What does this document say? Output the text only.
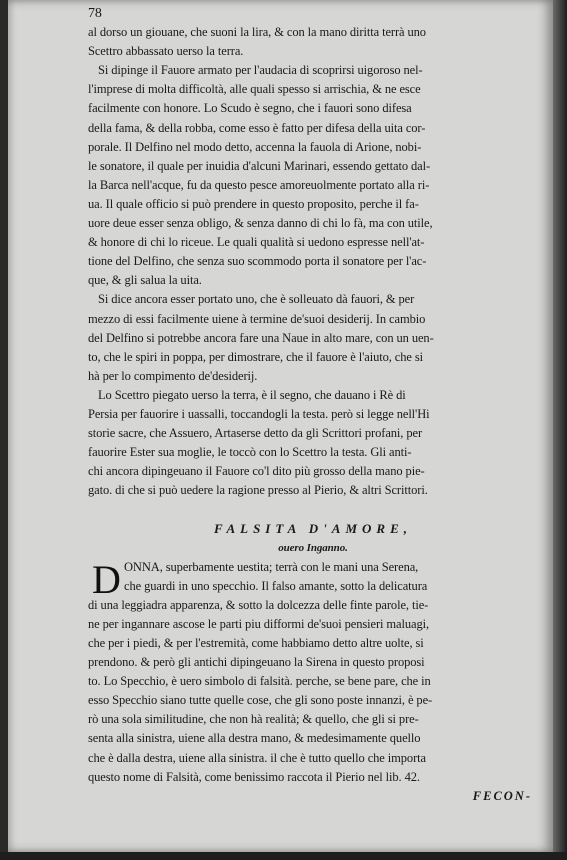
78
al dorso un giouane, che suoni la lira, & con la mano diritta terrà uno
Scettro abbassato uerso la terra.
Si dipinge il Fauore armato per l'audacia di scoprirsi uigoroso nel-
l'imprese di molta difficoltà, alle quali spesso si arrischia, & ne esce
facilmente con honore. Lo Scudo è segno, che i fauori sono difesa
della fama, & della robba, come esso è fatto per difesa della uita cor-
porale. Il Delfino nel modo detto, accenna la fauola di Arione, nobi-
le sonatore, il quale per inuidia d'alcuni Marinari, essendo gettato dal-
la Barca nell'acque, fu da questo pesce amoreuolmente portato alla ri-
ua. Il quale officio si può prendere in questo proposito, perche il fa-
uore deue esser senza obligo, & senza danno di chi lo fà, ma con utile,
& honore di chi lo riceue. Le quali qualità si uedono espresse nell'at-
tione del Delfino, che senza suo scommodo porta il sonatore per l'ac-
que, & gli salua la uita.
Si dice ancora esser portato uno, che è solleuato dà fauori, & per
mezzo di essi facilmente uiene à termine de'suoi desiderij. In cambio
del Delfino si potrebbe ancora fare una Naue in alto mare, con un uen-
to, che le spiri in poppa, per dimostrare, che il fauore è l'aiuto, che si
hà per lo compimento de'desiderij.
Lo Scettro piegato uerso la terra, è il segno, che dauano i Rè di
Persia per fauorire i uassalli, toccandogli la testa. però si legge nell'Hi
storie sacre, che Assuero, Artaserse detto da gli Scrittori profani, per
fauorire Ester sua moglie, le toccò con lo Scettro la testa. Gli anti-
chi ancora dipingeuano il Fauore co'l dito più grosso della mano pie-
gato. di che si può uedere la ragione presso al Pierio, & altri Scrittori.
FALSITA D'AMORE,
ouero Inganno.
D ONNA, superbamente uestita; terrà con le mani una Serena,
che guardi in uno specchio. Il falso amante, sotto la delicatura
di una leggiadra apparenza, & sotto la dolcezza delle finte parole, tie-
ne per ingannare ascose le parti piu difformi de'suoi pensieri maluagi,
che per i piedi, & per l'estremità, come habbiamo detto altre uolte, si
prendono. & però gli antichi dipingeuano la Sirena in questo proposi
to. Lo Specchio, è uero simbolo di falsità. perche, se bene pare, che in
esso Specchio siano tutte quelle cose, che gli sono poste innanzi, è pe-
rò una sola similitudine, che non hà realità; & quello, che gli si pre-
senta alla sinistra, uiene alla destra mano, & medesimamente quello
che è dalla destra, uiene alla sinistra. il che è tutto quello che importa
questo nome di Falsità, come benissimo raccota il Pierio nel lib. 42.
FECON-
